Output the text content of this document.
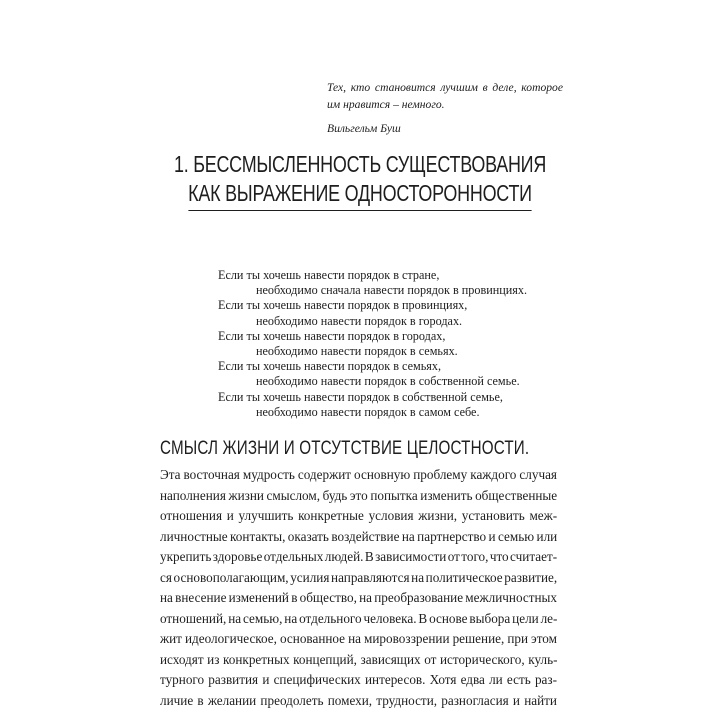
Тех, кто становится лучшим в деле, которое им нравится – немного.
Вильгельм Буш
1. БЕССМЫСЛЕННОСТЬ СУЩЕСТВОВАНИЯ
КАК ВЫРАЖЕНИЕ ОДНОСТОРОННОСТИ
Если ты хочешь навести порядок в стране,
необходимо сначала навести порядок в провинциях.
Если ты хочешь навести порядок в провинциях,
необходимо навести порядок в городах.
Если ты хочешь навести порядок в городах,
необходимо навести порядок в семьях.
Если ты хочешь навести порядок в семьях,
необходимо навести порядок в собственной семье.
Если ты хочешь навести порядок в собственной семье,
необходимо навести порядок в самом себе.
СМЫСЛ ЖИЗНИ И ОТСУТСТВИЕ ЦЕЛОСТНОСТИ.
Эта восточная мудрость содержит основную проблему каждого случая
наполнения жизни смыслом, будь это попытка изменить общественные
отношения и улучшить конкретные условия жизни, установить меж-
личностные контакты, оказать воздействие на партнерство и семью или
укрепить здоровье отдельных людей. В зависимости от того, что считает-
ся основополагающим, усилия направляются на политическое развитие,
на внесение изменений в общество, на преобразование межличностных
отношений, на семью, на отдельного человека. В основе выбора цели ле-
жит идеологическое, основанное на мировоззрении решение, при этом
исходят из конкретных концепций, зависящих от исторического, куль-
турного развития и специфических интересов. Хотя едва ли есть раз-
личие в желании преодолеть помехи, трудности, разногласия и найти
